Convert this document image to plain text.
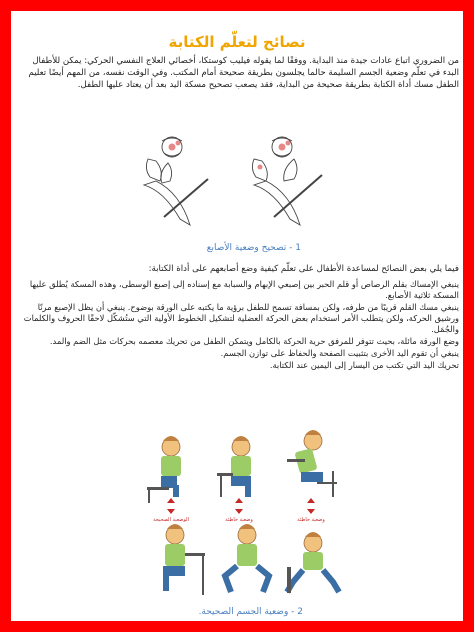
نصائح لتعلّم الكتابة
من الضروري اتباع عادات جيدة منذ البداية. ووفقًا لما يقوله فيليب كوستكا، أخصائي العلاج النفسي الحركي: يمكن للأطفال البدء في تعلّم وضعية الجسم السليمة حالما يجلسون بطريقة صحيحة أمام المكتب. وفي الوقت نفسه، من المهم أيضًا تعليم الطفل مسك أداة الكتابة بطريقة صحيحة من البداية، فقد يصعب تصحيح مسكة اليد بعد أن يعتاد عليها الطفل.
1 - تصحيح وضعية الأصابع
فيما يلي بعض النصائح لمساعدة الأطفال على تعلّم كيفية وضع أصابعهم على أداة الكتابة:
ينبغي الإمساك بقلم الرصاص أو قلم الحبر بين إصبعي الإبهام والسبابة مع إسناده إلى إصبع الوسطى، وهذه المسكة يُطلق عليها المسكة ثلاثية الأصابع.
ينبغي مسك القلم قريبًا من طرفه، ولكن بمسافة تسمح للطفل برؤية ما يكتبه على الورقة بوضوح. ينبغي أن يظل الإصبع مرنًا ورشيق الحركة، ولكن يتطلب الأمر استخدام بعض الحركة العضلية لتشكيل الخطوط الأولية التي ستُشكّل لاحقًا الحروف والكلمات والجُمَل.
وضع الورقة مائلة، بحيث تتوفر للمرفق حرية الحركة بالكامل ويتمكن الطفل من تحريك معصمه بحركات مثل الضم والمد.
ينبغي أن تقوم اليد الأخرى بتثبيت الصفحة والحفاظ على توازن الجسم.
تحريك اليد التي تكتب من اليسار إلى اليمين عند الكتابة.
الوضعية الصحيحة	وضعية خاطئة	وضعية خاطئة
2 - وضعية الجسم الصحيحة.
